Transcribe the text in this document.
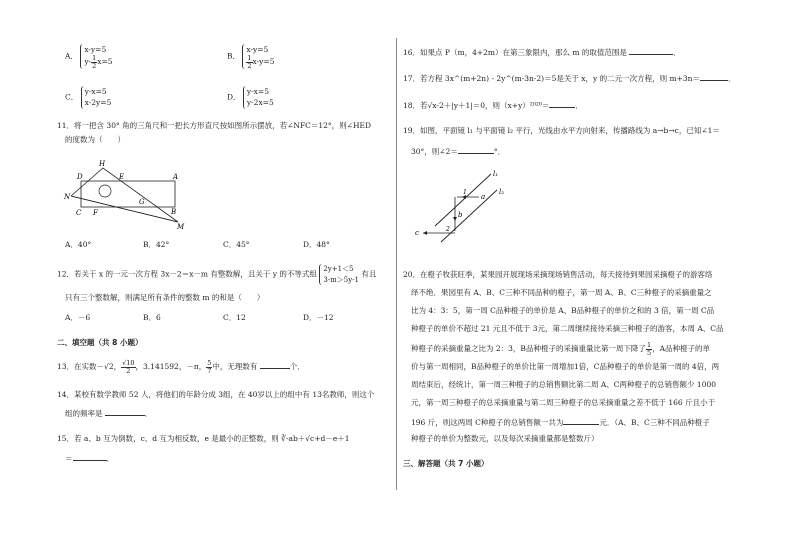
A． x-y=5
$y- \frac{1}{2} x=5$
B． x-y=5

$\frac{1}{2} x-y=5$
C． y-x=5
x-2y=5
D． y-x=5
y-2x=5
11．将一把含 30° 角的三角尺和一把长方形直尺按如图所示摆放，若∠NFC＝12°，则∠HED
的度数为（　　）
D
H
E	A
N
G
B
C F
M
A．40°	B．42°	C．45°	D．48°
12．若关于 x 的一元一次方程 3x－2＝x－m 有整数解，且关于 y 的不等式组 2y+1＜5
3-m＞5y-1 有且
只有三个整数解，则满足所有条件的整数 m 的和是（　　）
A．－6	B．6	C．12	D．－12
二、填空题（共 8 小题）
13．在实数－√2， $\frac{√10}{2}$ ，3.141592，－π， $\frac{5}{7}$ 中，无理数有	个．
14．某校有数学教师 52 人，将他们的年龄分成 3组，在 40岁以上的组中有 13名教师，则这个
组的频率是	．
15．若 a、b 互为倒数，c、d 互为相反数，e 是最小的正整数，则 ∛-ab＋√c+d－e＋1
＝	．
16．如果点 P（m，4+2m）在第三象限内，那么 m 的取值范围是	．
17．若方程 3x^(m+2n) - 2y^(m-3n-2)＝5是关于 x，y 的二元一次方程，则 m+3n＝	．
18．若√x-2＋|y＋1|＝0，则（x+y）²⁰²⁰＝	．
19．如图，平面镜 l₁ 与平面镜 l₂ 平行，光线由水平方向射来，传播路线为 a→b→c，已知∠1＝
30°，则∠2＝	°．
l₁
l₂
a
b
c
1
2
20．在橙子牧获旺季，某果园开展现场采摘现场销售活动，每天接待到果园采摘橙子的游客络
绎不绝．果园里有 A、B、C三种不同品种的橙子，第一周 A、B、C三种橙子的采摘重量之
比为 4：3：5，第一周 C品种橙子的单价是 A、B品种橙子的单价之和的 3 倍，第一周 C品
种橙子的单价不超过 21 元且不低于 3元，第二周继续接待采摘三种橙子的游客，本周 A、C品
种橙子的采摘重量之比为 2：3，B品种橙子的采摘重量比第一周下降了 $\frac{1}{5}$ ，A品种橙子的单
价与第一周相同，B品种橙子的单价比第一周增加1倍，C品种橙子的单价是第一周的 4倍，两
周结束后，经统计，第一周三种橙子的总销售额比第二周 A、C两种橙子的总销售额少 1000
元，第一周三种橙子的总采摘重量与第二周三种橙子的总采摘重量之差不低于 166 斤且小于
196 斤，则这两周 C种橙子的总销售额一共为	元．（A、B、C三种不同品种橙子
种橙子的单价为整数元，以及每次采摘重量都是整数斤）
三、解答题（共 7 小题）
